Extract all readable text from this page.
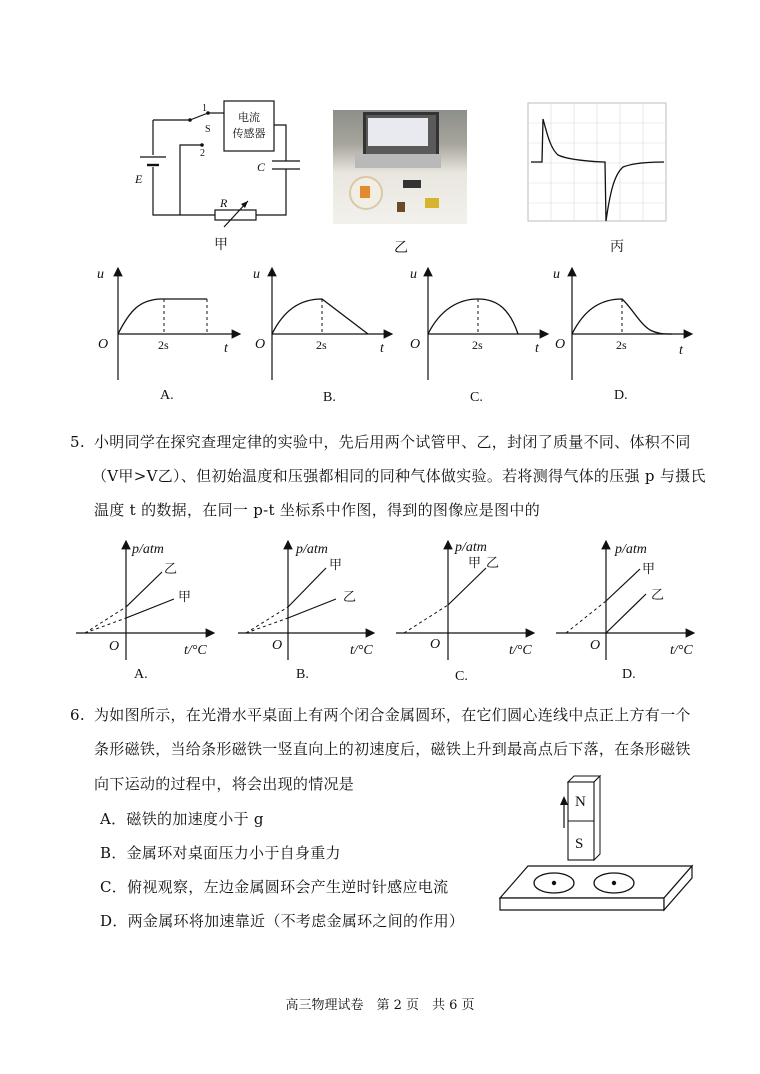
电流
传感器
1
S
2
E
C
R
甲	乙	丙
u
O	2s	t
u
O	2s	t
u
O	2s	t
u
O	2s	t
A.	B.	C.	D.
5. 小明同学在探究查理定律的实验中，先后用两个试管甲、乙，封闭了质量不同、体积不同
（V甲>V乙）、但初始温度和压强都相同的同种气体做实验。若将测得气体的压强 p 与摄氏
温度 t 的数据，在同一 p-t 坐标系中作图，得到的图像应是图中的
p/atm
乙
甲
O	t/°C
A.
p/atm
甲
乙
O	t/°C
B.
p/atm
甲 乙
O	t/°C
C.
p/atm
甲
乙
O	t/°C
D.
6. 为如图所示，在光滑水平桌面上有两个闭合金属圆环，在它们圆心连线中点正上方有一个
条形磁铁，当给条形磁铁一竖直向上的初速度后，磁铁上升到最高点后下落，在条形磁铁
向下运动的过程中，将会出现的情况是
A．磁铁的加速度小于 g
B．金属环对桌面压力小于自身重力
C．俯视观察，左边金属圆环会产生逆时针感应电流
D．两金属环将加速靠近（不考虑金属环之间的作用）
N
S
高三物理试卷　第 2 页　共 6 页
